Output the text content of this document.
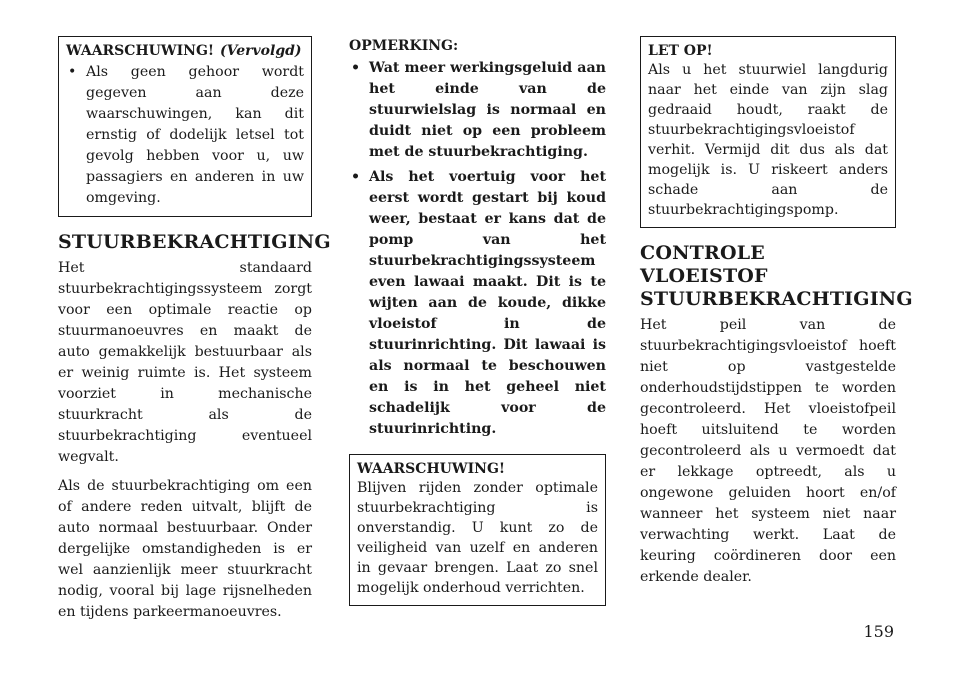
WAARSCHUWING! (Vervolgd)
• Als geen gehoor wordt gegeven aan deze waarschuwingen, kan dit ernstig of dodelijk letsel tot gevolg hebben voor u, uw passagiers en anderen in uw omgeving.
STUURBEKRACHTIGING

Het standaard stuurbekrachtigingssysteem zorgt voor een optimale reactie op stuurmanoeuvres en maakt de auto gemakkelijk bestuurbaar als er weinig ruimte is. Het systeem voorziet in mechanische stuurkracht als de stuurbekrachtiging eventueel wegvalt.

Als de stuurbekrachtiging om een of andere reden uitvalt, blijft de auto normaal bestuurbaar. Onder dergelijke omstandigheden is er wel aanzienlijk meer stuurkracht nodig, vooral bij lage rijsnelheden en tijdens parkeermanoeuvres.

OPMERKING:
• Wat meer werkingsgeluid aan het einde van de stuurwielslag is normaal en duidt niet op een probleem met de stuurbekrachtiging.
• Als het voertuig voor het eerst wordt gestart bij koud weer, bestaat er kans dat de pomp van het stuurbekrachtigingssysteem even lawaai maakt. Dit is te wijten aan de koude, dikke vloeistof in de stuurinrichting. Dit lawaai is als normaal te beschouwen en is in het geheel niet schadelijk voor de stuurinrichting.
WAARSCHUWING!
Blijven rijden zonder optimale stuurbekrachtiging is onverstandig. U kunt zo de veiligheid van uzelf en anderen in gevaar brengen. Laat zo snel mogelijk onderhoud verrichten.
LET OP!
Als u het stuurwiel langdurig naar het einde van zijn slag gedraaid houdt, raakt de stuurbekrachtigingsvloeistof verhit. Vermijd dit dus als dat mogelijk is. U riskeert anders schade aan de stuurbekrachtigingspomp.
CONTROLE VLOEISTOF
STUURBEKRACHTIGING

Het peil van de stuurbekrachtigingsvloeistof hoeft niet op vastgestelde onderhoudstijdstippen te worden gecontroleerd. Het vloeistofpeil hoeft uitsluitend te worden gecontroleerd als u vermoedt dat er lekkage optreedt, als u ongewone geluiden hoort en/of wanneer het systeem niet naar verwachting werkt. Laat de keuring coördineren door een erkende dealer.

159
